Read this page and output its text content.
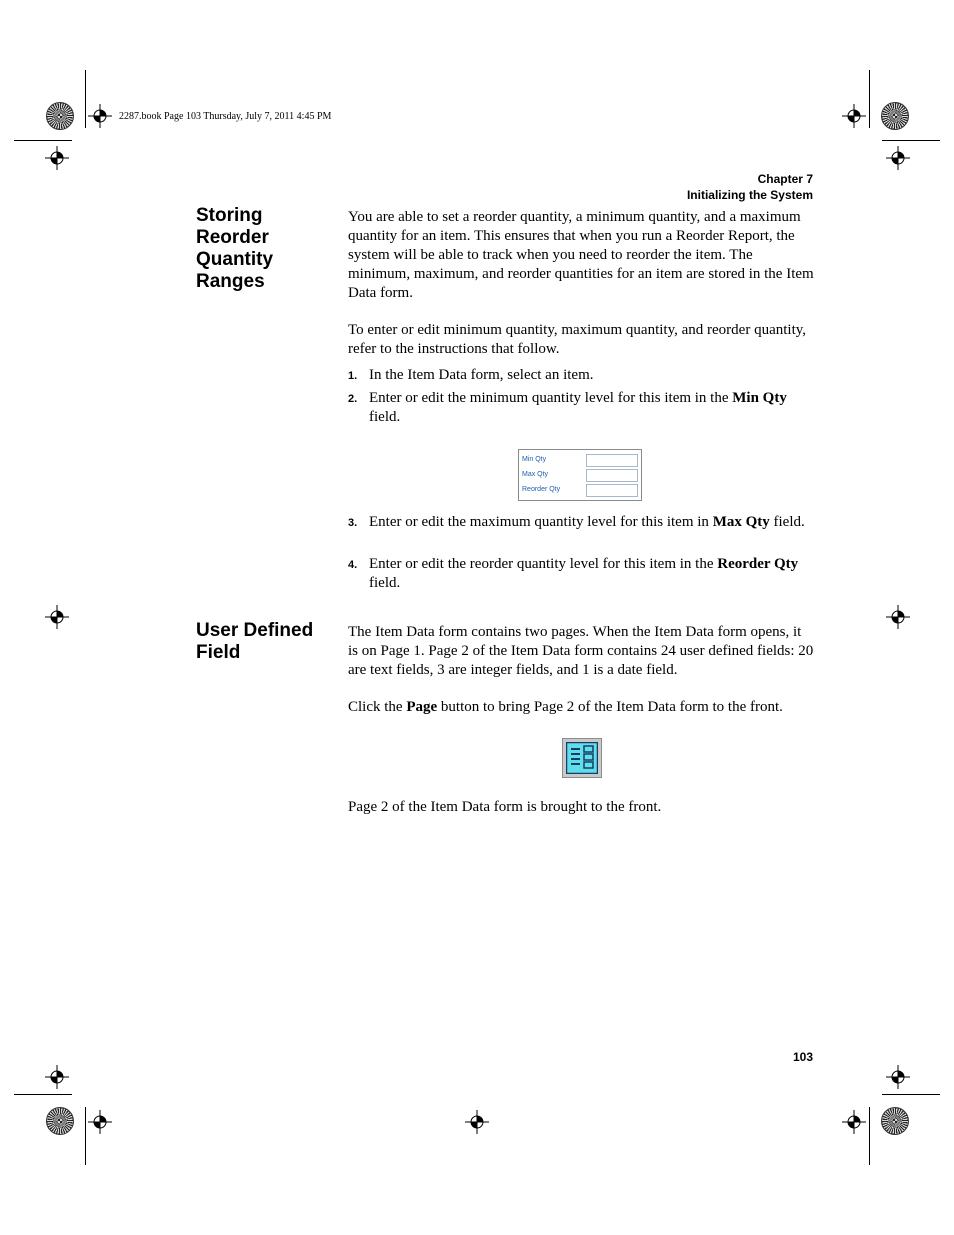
2287.book Page 103 Thursday, July 7, 2011 4:45 PM
Chapter 7
Initializing the System
Storing
Reorder
Quantity
Ranges
You are able to set a reorder quantity, a minimum quantity, and a maximum quantity for an item. This ensures that when you run a Reorder Report, the system will be able to track when you need to reorder the item. The minimum, maximum, and reorder quantities for an item are stored in the Item Data form.
To enter or edit minimum quantity, maximum quantity, and reorder quantity, refer to the instructions that follow.
1. In the Item Data form, select an item.
2. Enter or edit the minimum quantity level for this item in the Min Qty field.
Min Qty
Max Qty
Reorder Qty
3. Enter or edit the maximum quantity level for this item in Max Qty field.
4. Enter or edit the reorder quantity level for this item in the Reorder Qty field.
User Defined
Field
The Item Data form contains two pages. When the Item Data form opens, it is on Page 1. Page 2 of the Item Data form contains 24 user defined fields: 20 are text fields, 3 are integer fields, and 1 is a date field.
Click the Page button to bring Page 2 of the Item Data form to the front.
Page 2 of the Item Data form is brought to the front.
103
